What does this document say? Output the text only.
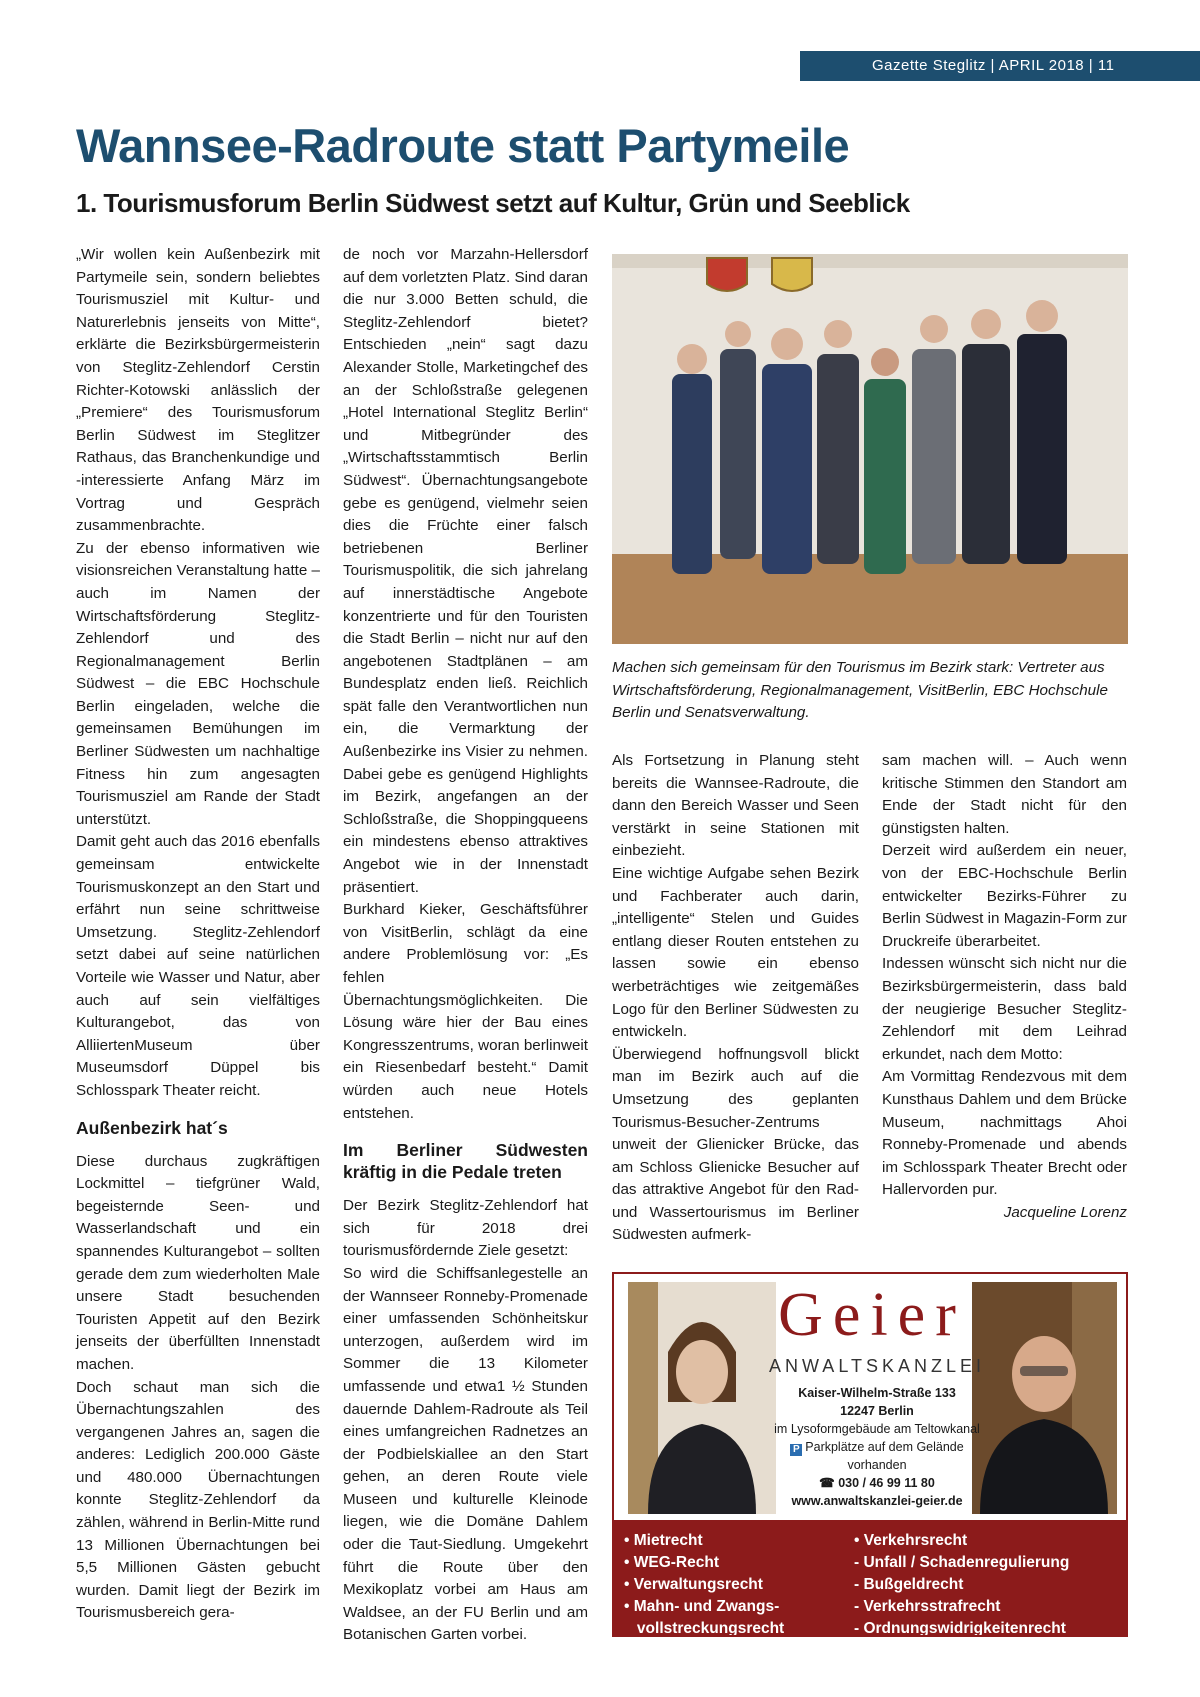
Gazette Steglitz | APRIL 2018 | 11
Wannsee-Radroute statt Partymeile
1. Tourismusforum Berlin Südwest setzt auf Kultur, Grün und Seeblick

„Wir wollen kein Außenbezirk mit Partymeile sein, sondern beliebtes Tourismusziel mit Kultur- und Naturerlebnis jenseits von Mitte“, erklärte die Bezirksbürgermeisterin von Steglitz-Zehlendorf Cerstin Richter-Kotowski anlässlich der „Premiere“ des Tourismusforum Berlin Südwest im Steglitzer Rathaus, das Branchenkundige und -interessierte Anfang März im Vortrag und Gespräch zusammenbrachte.

Zu der ebenso informativen wie visionsreichen Veranstaltung hatte – auch im Namen der Wirtschaftsförderung Steglitz-Zehlendorf und des Regionalmanagement Berlin Südwest – die EBC Hochschule Berlin eingeladen, welche die gemeinsamen Bemühungen im Berliner Südwesten um nachhaltige Fitness hin zum angesagten Tourismusziel am Rande der Stadt unterstützt.

Damit geht auch das 2016 ebenfalls gemeinsam entwickelte Tourismuskonzept an den Start und erfährt nun seine schrittweise Umsetzung. Steglitz-Zehlendorf setzt dabei auf seine natürlichen Vorteile wie Wasser und Natur, aber auch auf sein vielfältiges Kulturangebot, das von AlliiertenMuseum über Museumsdorf Düppel bis Schlosspark Theater reicht.

Außenbezirk hat´s

Diese durchaus zugkräftigen Lockmittel – tiefgrüner Wald, begeisternde Seen- und Wasserlandschaft und ein spannendes Kulturangebot – sollten gerade dem zum wiederholten Male unsere Stadt besuchenden Touristen Appetit auf den Bezirk jenseits der überfüllten Innenstadt machen.

Doch schaut man sich die Übernachtungszahlen des vergangenen Jahres an, sagen die anderes: Lediglich 200.000 Gäste und 480.000 Übernachtungen konnte Steglitz-Zehlendorf da zählen, während in Berlin-Mitte rund 13 Millionen Übernachtungen bei 5,5 Millionen Gästen gebucht wurden. Damit liegt der Bezirk im Tourismusbereich gera-

de noch vor Marzahn-Hellersdorf auf dem vorletzten Platz. Sind daran die nur 3.000 Betten schuld, die Steglitz-Zehlendorf bietet? Entschieden „nein“ sagt dazu Alexander Stolle, Marketingchef des an der Schloßstraße gelegenen „Hotel International Steglitz Berlin“ und Mitbegründer des „Wirtschaftsstammtisch Berlin Südwest“. Übernachtungsangebote gebe es genügend, vielmehr seien dies die Früchte einer falsch betriebenen Berliner Tourismuspolitik, die sich jahrelang auf innerstädtische Angebote konzentrierte und für den Touristen die Stadt Berlin – nicht nur auf den angebotenen Stadtplänen – am Bundesplatz enden ließ. Reichlich spät falle den Verantwortlichen nun ein, die Vermarktung der Außenbezirke ins Visier zu nehmen. Dabei gebe es genügend Highlights im Bezirk, angefangen an der Schloßstraße, die Shoppingqueens ein mindestens ebenso attraktives Angebot wie in der Innenstadt präsentiert.

Burkhard Kieker, Geschäftsführer von VisitBerlin, schlägt da eine andere Problemlösung vor: „Es fehlen Übernachtungsmöglichkeiten. Die Lösung wäre hier der Bau eines Kongresszentrums, woran berlinweit ein Riesenbedarf besteht.“ Damit würden auch neue Hotels entstehen.

Im Berliner Südwesten kräftig in die Pedale treten

Der Bezirk Steglitz-Zehlendorf hat sich für 2018 drei tourismusfördernde Ziele gesetzt:

So wird die Schiffsanlegestelle an der Wannseer Ronneby-Promenade einer umfassenden Schönheitskur unterzogen, außerdem wird im Sommer die 13 Kilometer umfassende und etwa1 ½ Stunden dauernde Dahlem-Radroute als Teil eines umfangreichen Radnetzes an der Podbielskiallee an den Start gehen, an deren Route viele Museen und kulturelle Kleinode liegen, wie die Domäne Dahlem oder die Taut-Siedlung. Umgekehrt führt die Route über den Mexikoplatz vorbei am Haus am Waldsee, an der FU Berlin und am Botanischen Garten vorbei.

Machen sich gemeinsam für den Tourismus im Bezirk stark: Vertreter aus Wirtschaftsförderung, Regionalmanagement, VisitBerlin, EBC Hochschule Berlin und Senatsverwaltung.

Als Fortsetzung in Planung steht bereits die Wannsee-Radroute, die dann den Bereich Wasser und Seen verstärkt in seine Stationen mit einbezieht.

Eine wichtige Aufgabe sehen Bezirk und Fachberater auch darin, „intelligente“ Stelen und Guides entlang dieser Routen entstehen zu lassen sowie ein ebenso werbeträchtiges wie zeitgemäßes Logo für den Berliner Südwesten zu entwickeln.

Überwiegend hoffnungsvoll blickt man im Bezirk auch auf die Umsetzung des geplanten Tourismus-Besucher-Zentrums unweit der Glienicker Brücke, das am Schloss Glienicke Besucher auf das attraktive Angebot für den Rad- und Wassertourismus im Berliner Südwesten aufmerk-

sam machen will. – Auch wenn kritische Stimmen den Standort am Ende der Stadt nicht für den günstigsten halten.

Derzeit wird außerdem ein neuer, von der EBC-Hochschule Berlin entwickelter Bezirks-Führer zu Berlin Südwest in Magazin-Form zur Druckreife überarbeitet.

Indessen wünscht sich nicht nur die Bezirksbürgermeisterin, dass bald der neugierige Besucher Steglitz-Zehlendorf mit dem Leihrad erkundet, nach dem Motto:

Am Vormittag Rendezvous mit dem Kunsthaus Dahlem und dem Brücke Museum, nachmittags Ahoi Ronneby-Promenade und abends im Schlosspark Theater Brecht oder Hallervorden pur.

Jacqueline Lorenz

Geier
ANWALTSKANZLEI
Kaiser-Wilhelm-Straße 133
12247 Berlin
im Lysoformgebäude am Teltowkanal
P Parkplätze auf dem Gelände vorhanden
☎ 030 / 46 99 11 80
www.anwaltskanzlei-geier.de
• Mietrecht
• WEG-Recht
• Verwaltungsrecht
• Mahn- und Zwangs-
vollstreckungsrecht
• Verkehrsrecht
- Unfall / Schadenregulierung
- Bußgeldrecht
- Verkehrsstrafrecht
- Ordnungswidrigkeitenrecht
